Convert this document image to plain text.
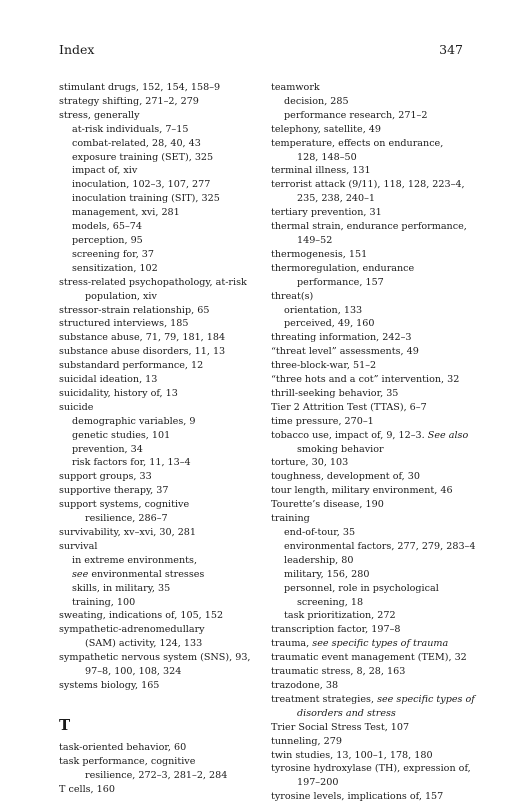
Index	347
stimulant drugs, 152, 154, 158–9
strategy shifting, 271–2, 279
stress, generally
at-risk individuals, 7–15
combat-related, 28, 40, 43
exposure training (SET), 325
impact of, xiv
inoculation, 102–3, 107, 277
inoculation training (SIT), 325
management, xvi, 281
models, 65–74
perception, 95
screening for, 37
sensitization, 102
stress-related psychopathology, at-risk
population, xiv
stressor-strain relationship, 65
structured interviews, 185
substance abuse, 71, 79, 181, 184
substance abuse disorders, 11, 13
substandard performance, 12
suicidal ideation, 13
suicidality, history of, 13
suicide
demographic variables, 9
genetic studies, 101
prevention, 34
risk factors for, 11, 13–4
support groups, 33
supportive therapy, 37
support systems, cognitive
resilience, 286–7
survivability, xv–xvi, 30, 281
survival
in extreme environments,
see environmental stresses
skills, in military, 35
training, 100
sweating, indications of, 105, 152
sympathetic-adrenomedullary
(SAM) activity, 124, 133
sympathetic nervous system (SNS), 93,
97–8, 100, 108, 324
systems biology, 165
T
task-oriented behavior, 60
task performance, cognitive
resilience, 272–3, 281–2, 284
T cells, 160
teamwork
decision, 285
performance research, 271–2
telephony, satellite, 49
temperature, effects on endurance,
128, 148–50
terminal illness, 131
terrorist attack (9/11), 118, 128, 223–4,
235, 238, 240–1
tertiary prevention, 31
thermal strain, endurance performance,
149–52
thermogenesis, 151
thermoregulation, endurance
performance, 157
threat(s)
orientation, 133
perceived, 49, 160
threating information, 242–3
“threat level” assessments, 49
three-block-war, 51–2
“three hots and a cot” intervention, 32
thrill-seeking behavior, 35
Tier 2 Attrition Test (TTAS), 6–7
time pressure, 270–1
tobacco use, impact of, 9, 12–3. See also
smoking behavior
torture, 30, 103
toughness, development of, 30
tour length, military environment, 46
Tourette’s disease, 190
training
end-of-tour, 35
environmental factors, 277, 279, 283–4
leadership, 80
military, 156, 280
personnel, role in psychological
screening, 18
task prioritization, 272
transcription factor, 197–8
trauma, see specific types of trauma
traumatic event management (TEM), 32
traumatic stress, 8, 28, 163
trazodone, 38
treatment strategies, see specific types of
disorders and stress
Trier Social Stress Test, 107
tunneling, 279
twin studies, 13, 100–1, 178, 180
tyrosine hydroxylase (TH), expression of,
197–200
tyrosine levels, implications of, 157
